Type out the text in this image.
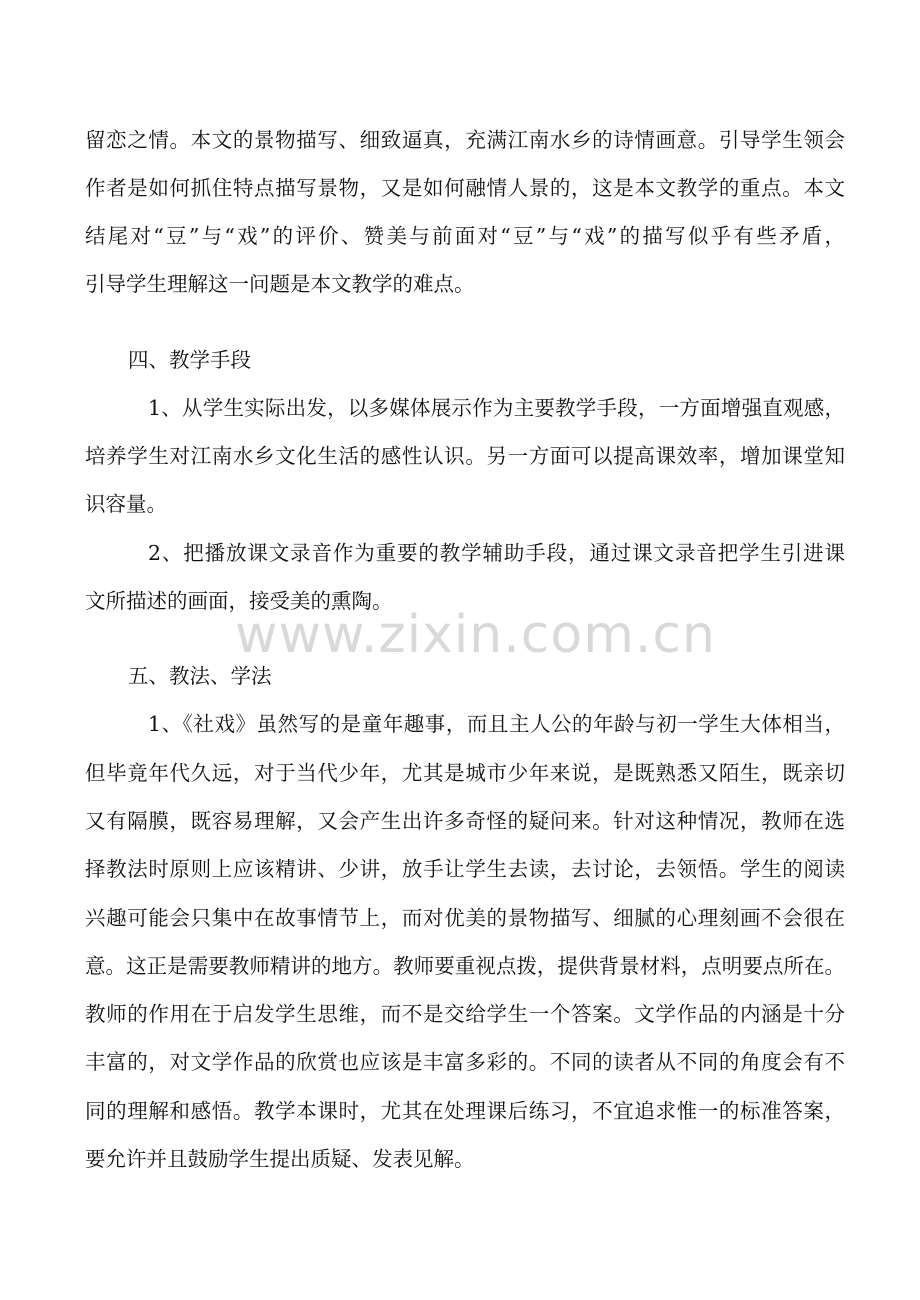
留恋之情。本文的景物描写、细致逼真，充满江南水乡的诗情画意。引导学生领会
作者是如何抓住特点描写景物，又是如何融情人景的，这是本文教学的重点。本文
结尾对“豆”与“戏”的评价、赞美与前面对“豆”与“戏”的描写似乎有些矛盾，
引导学生理解这一问题是本文教学的难点。
四、教学手段
1、从学生实际出发，以多媒体展示作为主要教学手段，一方面增强直观感，
培养学生对江南水乡文化生活的感性认识。另一方面可以提高课效率，增加课堂知
识容量。
2、把播放课文录音作为重要的教学辅助手段，通过课文录音把学生引进课
文所描述的画面，接受美的熏陶。
www.zixin.com.cn
五、教法、学法
1、《社戏》虽然写的是童年趣事，而且主人公的年龄与初一学生大体相当，
但毕竟年代久远，对于当代少年，尤其是城市少年来说，是既熟悉又陌生，既亲切
又有隔膜，既容易理解，又会产生出许多奇怪的疑问来。针对这种情况，教师在选
择教法时原则上应该精讲、少讲，放手让学生去读，去讨论，去领悟。学生的阅读
兴趣可能会只集中在故事情节上，而对优美的景物描写、细腻的心理刻画不会很在
意。这正是需要教师精讲的地方。教师要重视点拨，提供背景材料，点明要点所在。
教师的作用在于启发学生思维，而不是交给学生一个答案。文学作品的内涵是十分
丰富的，对文学作品的欣赏也应该是丰富多彩的。不同的读者从不同的角度会有不
同的理解和感悟。教学本课时，尤其在处理课后练习，不宜追求惟一的标准答案，
要允许并且鼓励学生提出质疑、发表见解。
